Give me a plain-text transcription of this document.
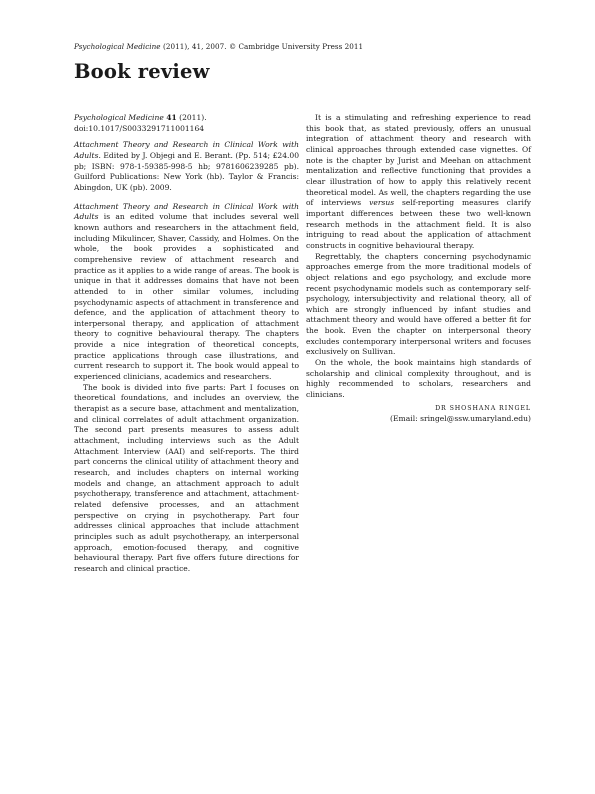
Psychological Medicine (2011), 41, 2007. © Cambridge University Press 2011
Book review

Psychological Medicine 41 (2011).
doi:10.1017/S0033291711001164

Attachment Theory and Research in Clinical Work with Adults. Edited by J. Objegi and E. Berant. (Pp. 514; £24.00 pb; ISBN: 978-1-59385-998-5 hb; 9781606239285 pb). Guilford Publications: New York (hb). Taylor & Francis: Abingdon, UK (pb). 2009.

Attachment Theory and Research in Clinical Work with Adults is an edited volume that includes several well known authors and researchers in the attachment field, including Mikulincer, Shaver, Cassidy, and Holmes. On the whole, the book provides a sophisticated and comprehensive review of attachment research and practice as it applies to a wide range of areas. The book is unique in that it addresses domains that have not been attended to in other similar volumes, including psychodynamic aspects of attachment in transference and defence, and the application of attachment theory to interpersonal therapy, and application of attachment theory to cognitive behavioural therapy. The chapters provide a nice integration of theoretical concepts, practice applications through case illustrations, and current research to support it. The book would appeal to experienced clinicians, academics and researchers.

The book is divided into five parts: Part I focuses on theoretical foundations, and includes an overview, the therapist as a secure base, attachment and mentalization, and clinical correlates of adult attachment organization. The second part presents measures to assess adult attachment, including interviews such as the Adult Attachment Interview (AAI) and self-reports. The third part concerns the clinical utility of attachment theory and research, and includes chapters on internal working models and change, an attachment approach to adult psychotherapy, transference and attachment, attachment-related defensive processes, and an attachment perspective on crying in psychotherapy. Part four addresses clinical approaches that include attachment principles such as adult psychotherapy, an interpersonal approach, emotion-focused therapy, and cognitive behavioural therapy. Part five offers future directions for research and clinical practice.

It is a stimulating and refreshing experience to read this book that, as stated previously, offers an unusual integration of attachment theory and research with clinical approaches through extended case vignettes. Of note is the chapter by Jurist and Meehan on attachment mentalization and reflective functioning that provides a clear illustration of how to apply this relatively recent theoretical model. As well, the chapters regarding the use of interviews versus self-reporting measures clarify important differences between these two well-known research methods in the attachment field. It is also intriguing to read about the application of attachment constructs in cognitive behavioural therapy.

Regrettably, the chapters concerning psychodynamic approaches emerge from the more traditional models of object relations and ego psychology, and exclude more recent psychodynamic models such as contemporary self-psychology, intersubjectivity and relational theory, all of which are strongly influenced by infant studies and attachment theory and would have offered a better fit for the book. Even the chapter on interpersonal theory excludes contemporary interpersonal writers and focuses exclusively on Sullivan.

On the whole, the book maintains high standards of scholarship and clinical complexity throughout, and is highly recommended to scholars, researchers and clinicians.

DR SHOSHANA RINGEL

(Email: sringel@ssw.umaryland.edu)
